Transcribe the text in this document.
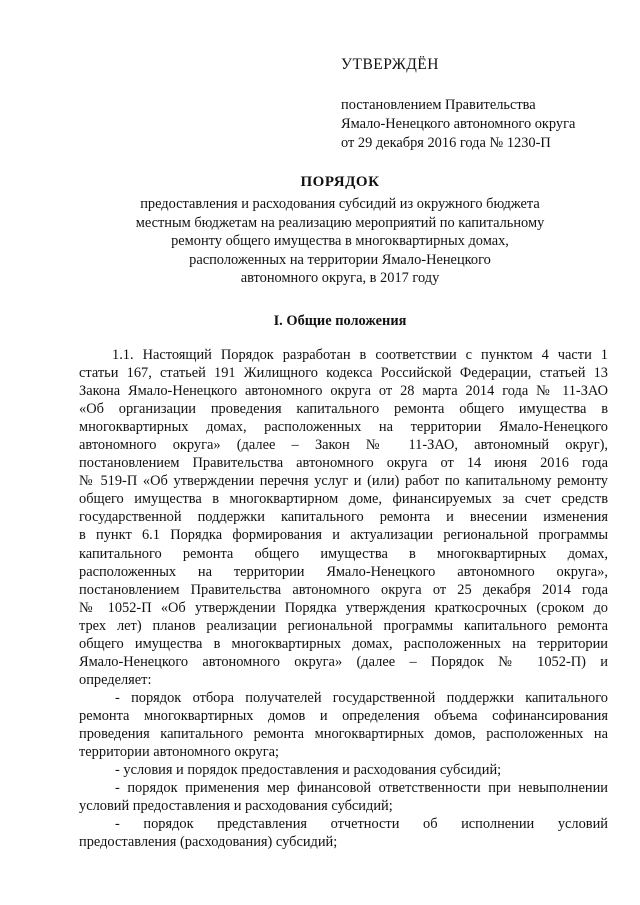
УТВЕРЖДЁН
постановлением Правительства
Ямало-Ненецкого автономного округа
от 29 декабря 2016 года № 1230-П
ПОРЯДОК
предоставления и расходования субсидий из окружного бюджета
местным бюджетам на реализацию мероприятий по капитальному
ремонту общего имущества в многоквартирных домах,
расположенных на территории Ямало-Ненецкого
автономного округа, в 2017 году
I. Общие положения
1.1. Настоящий Порядок разработан в соответствии с пунктом 4 части 1
статьи 167, статьей 191 Жилищного кодекса Российской Федерации, статьей 13
Закона Ямало-Ненецкого автономного округа от 28 марта 2014 года № 11-ЗАО
«Об организации проведения капитального ремонта общего имущества в
многоквартирных домах, расположенных на территории Ямало-Ненецкого
автономного округа» (далее – Закон № 11-ЗАО, автономный округ),
постановлением Правительства автономного округа от 14 июня 2016 года
№ 519-П «Об утверждении перечня услуг и (или) работ по капитальному ремонту
общего имущества в многоквартирном доме, финансируемых за счет средств
государственной поддержки капитального ремонта и внесении изменения
в пункт 6.1 Порядка формирования и актуализации региональной программы
капитального ремонта общего имущества в многоквартирных домах,
расположенных на территории Ямало-Ненецкого автономного округа»,
постановлением Правительства автономного округа от 25 декабря 2014 года
№ 1052-П «Об утверждении Порядка утверждения краткосрочных (сроком до
трех лет) планов реализации региональной программы капитального ремонта
общего имущества в многоквартирных домах, расположенных на территории
Ямало-Ненецкого автономного округа» (далее – Порядок № 1052-П) и
определяет:
- порядок отбора получателей государственной поддержки капитального
ремонта многоквартирных домов и определения объема софинансирования
проведения капитального ремонта многоквартирных домов, расположенных на
территории автономного округа;
- условия и порядок предоставления и расходования субсидий;
- порядок применения мер финансовой ответственности при невыполнении
условий предоставления и расходования субсидий;
- порядок представления отчетности об исполнении условий
предоставления (расходования) субсидий;
